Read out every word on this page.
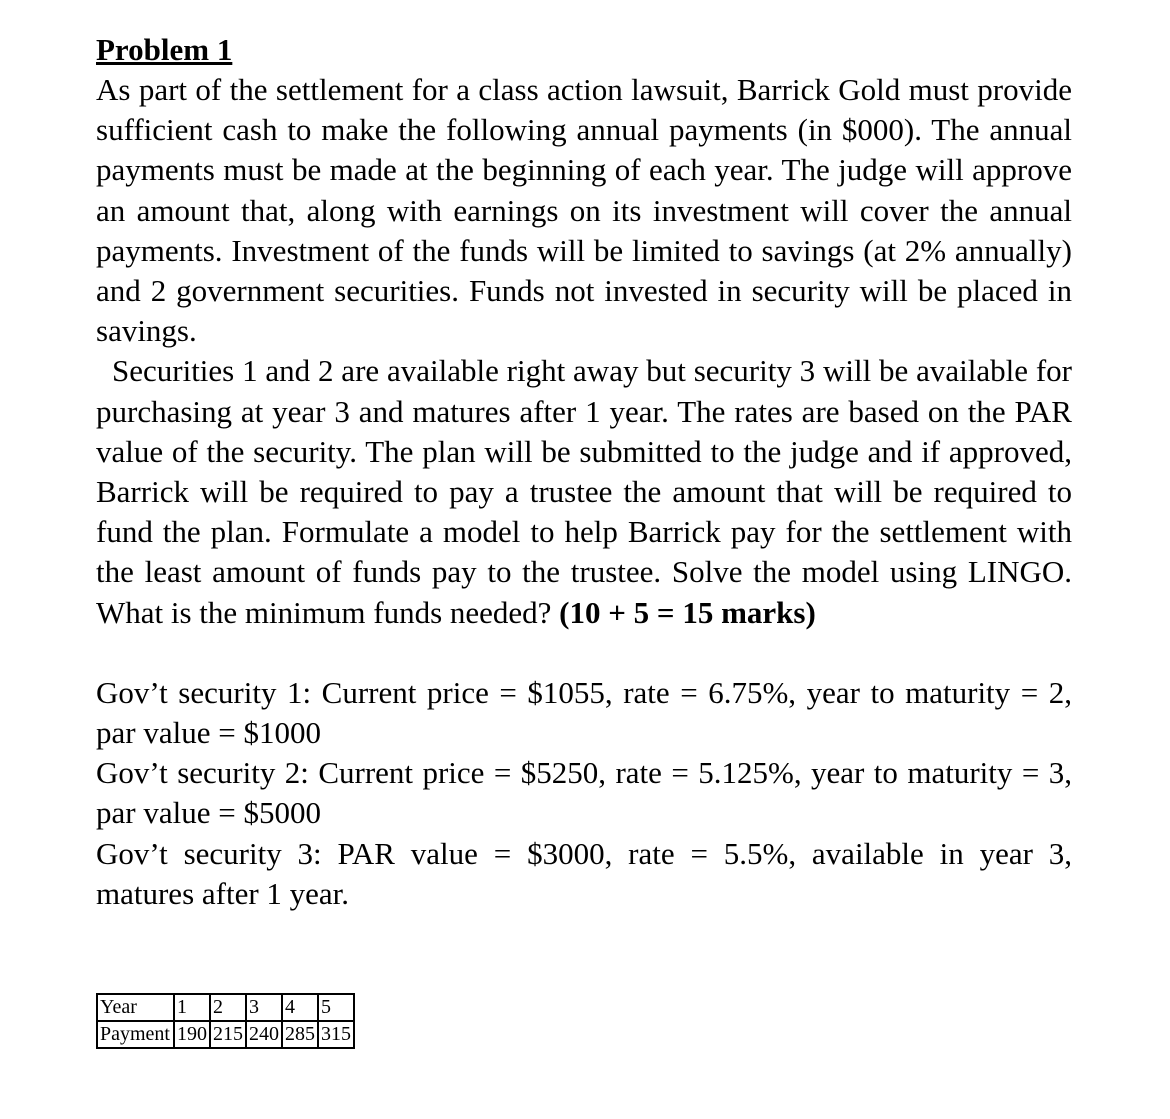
Problem 1

As part of the settlement for a class action lawsuit, Barrick Gold must provide sufficient cash to make the following annual payments (in $000). The annual payments must be made at the beginning of each year. The judge will approve an amount that, along with earnings on its investment will cover the annual payments. Investment of the funds will be limited to savings (at 2% annually) and 2 government securities. Funds not invested in security will be placed in savings.
Securities 1 and 2 are available right away but security 3 will be available for purchasing at year 3 and matures after 1 year. The rates are based on the PAR value of the security. The plan will be submitted to the judge and if approved, Barrick will be required to pay a trustee the amount that will be required to fund the plan. Formulate a model to help Barrick pay for the settlement with the least amount of funds pay to the trustee. Solve the model using LINGO. What is the minimum funds needed? (10 + 5 = 15 marks)

Gov’t security 1: Current price = $1055, rate = 6.75%, year to maturity = 2, par value = $1000

Gov’t security 2: Current price = $5250, rate = 5.125%, year to maturity = 3, par value = $5000

Gov’t security 3: PAR value = $3000, rate = 5.5%, available in year 3, matures after 1 year.

Year	1	2	3	4	5
Payment	190	215	240	285	315
